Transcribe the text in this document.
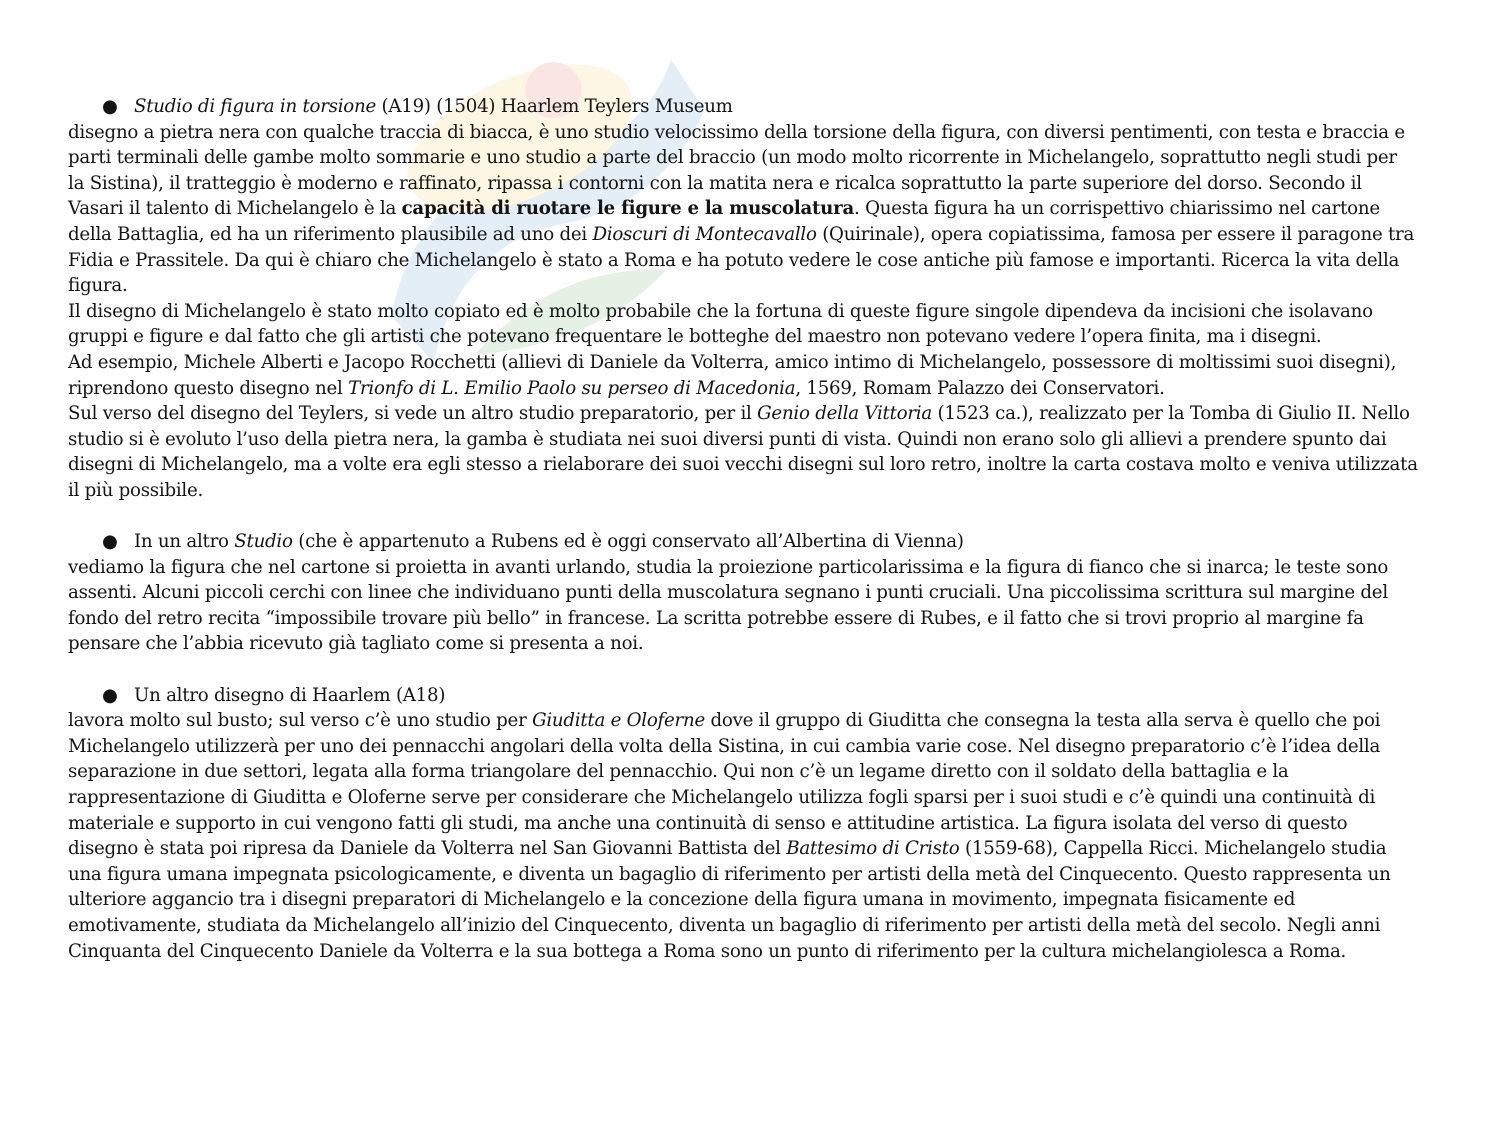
● Studio di figura in torsione (A19) (1504) Haarlem Teylers Museum

disegno a pietra nera con qualche traccia di biacca, è uno studio velocissimo della torsione della figura, con diversi pentimenti, con testa e braccia e parti terminali delle gambe molto sommarie e uno studio a parte del braccio (un modo molto ricorrente in Michelangelo, soprattutto negli studi per la Sistina), il tratteggio è moderno e raffinato, ripassa i contorni con la matita nera e ricalca soprattutto la parte superiore del dorso. Secondo il Vasari il talento di Michelangelo è la capacità di ruotare le figure e la muscolatura. Questa figura ha un corrispettivo chiarissimo nel cartone della Battaglia, ed ha un riferimento plausibile ad uno dei Dioscuri di Montecavallo (Quirinale), opera copiatissima, famosa per essere il paragone tra Fidia e Prassitele. Da qui è chiaro che Michelangelo è stato a Roma e ha potuto vedere le cose antiche più famose e importanti. Ricerca la vita della figura.

Il disegno di Michelangelo è stato molto copiato ed è molto probabile che la fortuna di queste figure singole dipendeva da incisioni che isolavano gruppi e figure e dal fatto che gli artisti che potevano frequentare le botteghe del maestro non potevano vedere l’opera finita, ma i disegni.

Ad esempio, Michele Alberti e Jacopo Rocchetti (allievi di Daniele da Volterra, amico intimo di Michelangelo, possessore di moltissimi suoi disegni), riprendono questo disegno nel Trionfo di L. Emilio Paolo su perseo di Macedonia, 1569, Romam Palazzo dei Conservatori.

Sul verso del disegno del Teylers, si vede un altro studio preparatorio, per il Genio della Vittoria (1523 ca.), realizzato per la Tomba di Giulio II. Nello studio si è evoluto l’uso della pietra nera, la gamba è studiata nei suoi diversi punti di vista. Quindi non erano solo gli allievi a prendere spunto dai disegni di Michelangelo, ma a volte era egli stesso a rielaborare dei suoi vecchi disegni sul loro retro, inoltre la carta costava molto e veniva utilizzata il più possibile.

● In un altro Studio (che è appartenuto a Rubens ed è oggi conservato all’Albertina di Vienna)

vediamo la figura che nel cartone si proietta in avanti urlando, studia la proiezione particolarissima e la figura di fianco che si inarca; le teste sono assenti. Alcuni piccoli cerchi con linee che individuano punti della muscolatura segnano i punti cruciali. Una piccolissima scrittura sul margine del fondo del retro recita “impossibile trovare più bello” in francese. La scritta potrebbe essere di Rubes, e il fatto che si trovi proprio al margine fa pensare che l’abbia ricevuto già tagliato come si presenta a noi.

● Un altro disegno di Haarlem (A18)

lavora molto sul busto; sul verso c’è uno studio per Giuditta e Oloferne dove il gruppo di Giuditta che consegna la testa alla serva è quello che poi Michelangelo utilizzerà per uno dei pennacchi angolari della volta della Sistina, in cui cambia varie cose. Nel disegno preparatorio c’è l’idea della separazione in due settori, legata alla forma triangolare del pennacchio. Qui non c’è un legame diretto con il soldato della battaglia e la rappresentazione di Giuditta e Oloferne serve per considerare che Michelangelo utilizza fogli sparsi per i suoi studi e c’è quindi una continuità di materiale e supporto in cui vengono fatti gli studi, ma anche una continuità di senso e attitudine artistica. La figura isolata del verso di questo disegno è stata poi ripresa da Daniele da Volterra nel San Giovanni Battista del Battesimo di Cristo (1559-68), Cappella Ricci. Michelangelo studia una figura umana impegnata psicologicamente, e diventa un bagaglio di riferimento per artisti della metà del Cinquecento. Questo rappresenta un ulteriore aggancio tra i disegni preparatori di Michelangelo e la concezione della figura umana in movimento, impegnata fisicamente ed emotivamente, studiata da Michelangelo all’inizio del Cinquecento, diventa un bagaglio di riferimento per artisti della metà del secolo. Negli anni Cinquanta del Cinquecento Daniele da Volterra e la sua bottega a Roma sono un punto di riferimento per la cultura michelangiolesca a Roma.
